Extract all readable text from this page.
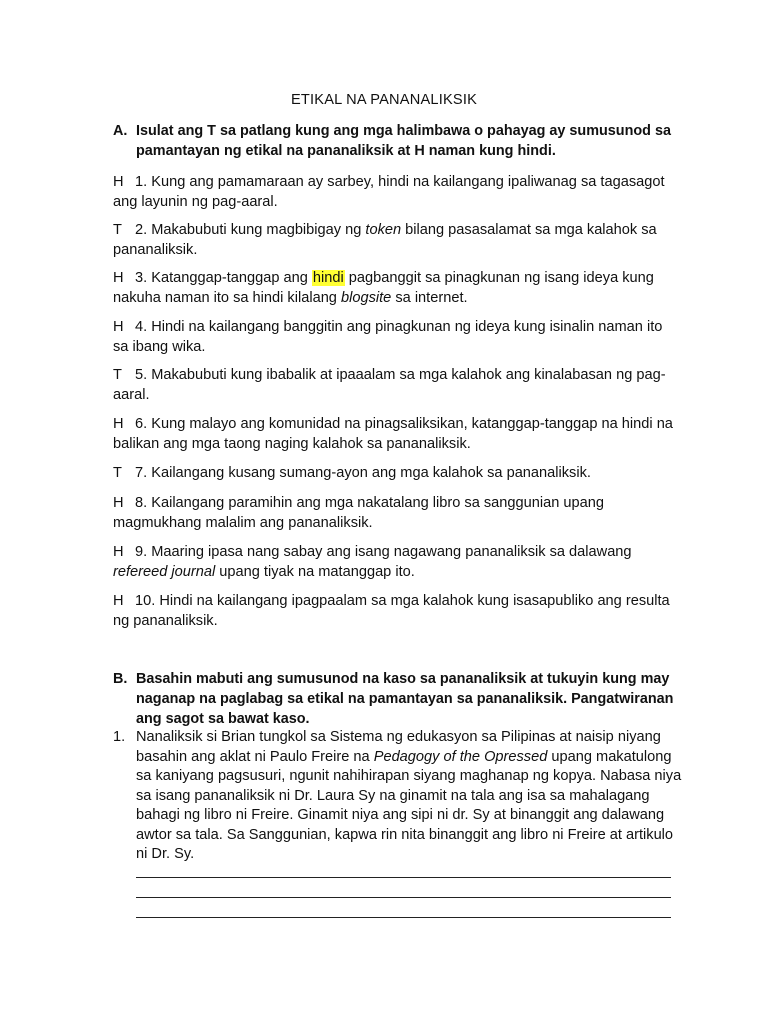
ETIKAL NA PANANALIKSIK
A. Isulat ang T sa patlang kung ang mga halimbawa o pahayag ay sumusunod sa pamantayan ng etikal na pananaliksik at H naman kung hindi.
H 1. Kung ang pamamaraan ay sarbey, hindi na kailangang ipaliwanag sa tagasagot ang layunin ng pag-aaral.
T 2. Makabubuti kung magbibigay ng token bilang pasasalamat sa mga kalahok sa pananaliksik.
H 3. Katanggap-tanggap ang hindi pagbanggit sa pinagkunan ng isang ideya kung nakuha naman ito sa hindi kilalang blogsite sa internet.
H 4. Hindi na kailangang banggitin ang pinagkunan ng ideya kung isinalin naman ito sa ibang wika.
T 5. Makabubuti kung ibabalik at ipaaalam sa mga kalahok ang kinalabasan ng pag-aaral.
H 6. Kung malayo ang komunidad na pinagsaliksikan, katanggap-tanggap na hindi na balikan ang mga taong naging kalahok sa pananaliksik.
T 7. Kailangang kusang sumang-ayon ang mga kalahok sa pananaliksik.
H 8. Kailangang paramihin ang mga nakatalang libro sa sanggunian upang magmukhang malalim ang pananaliksik.
H 9. Maaring ipasa nang sabay ang isang nagawang pananaliksik sa dalawang refereed journal upang tiyak na matanggap ito.
H 10. Hindi na kailangang ipagpaalam sa mga kalahok kung isasapubliko ang resulta ng pananaliksik.
B. Basahin mabuti ang sumusunod na kaso sa pananaliksik at tukuyin kung may naganap na paglabag sa etikal na pamantayan sa pananaliksik. Pangatwiranan ang sagot sa bawat kaso.
1. Nanaliksik si Brian tungkol sa Sistema ng edukasyon sa Pilipinas at naisip niyang basahin ang aklat ni Paulo Freire na Pedagogy of the Opressed upang makatulong sa kaniyang pagsusuri, ngunit nahihirapan siyang maghanap ng kopya. Nabasa niya sa isang pananaliksik ni Dr. Laura Sy na ginamit na tala ang isa sa mahalagang bahagi ng libro ni Freire. Ginamit niya ang sipi ni dr. Sy at binanggit ang dalawang awtor sa tala. Sa Sanggunian, kapwa rin nita binanggit ang libro ni Freire at artikulo ni Dr. Sy.
